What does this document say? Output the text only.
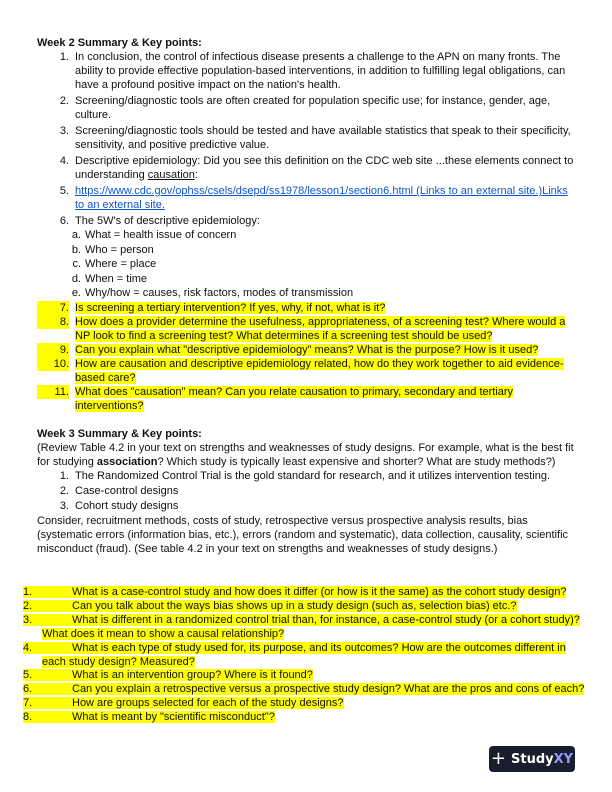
Week 2 Summary & Key points:
1. In conclusion, the control of infectious disease presents a challenge to the APN on many fronts. The ability to provide effective population-based interventions, in addition to fulfilling legal obligations, can have a profound positive impact on the nation's health.
2. Screening/diagnostic tools are often created for population specific use; for instance, gender, age, culture.
3. Screening/diagnostic tools should be tested and have available statistics that speak to their specificity, sensitivity, and positive predictive value.
4. Descriptive epidemiology: Did you see this definition on the CDC web site ...these elements connect to understanding causation:
5. https://www.cdc.gov/ophss/csels/dsepd/ss1978/lesson1/section6.html (Links to an external site.)Links to an external site.
6. The 5W's of descriptive epidemiology:
a. What = health issue of concern
b. Who = person
c. Where = place
d. When = time
e. Why/how = causes, risk factors, modes of transmission
7. Is screening a tertiary intervention? If yes, why, if not, what is it?
8. How does a provider determine the usefulness, appropriateness, of a screening test? Where would a NP look to find a screening test? What determines if a screening test should be used?
9. Can you explain what "descriptive epidemiology" means? What is the purpose? How is it used?
10. How are causation and descriptive epidemiology related, how do they work together to aid evidence-based care?
11. What does "causation" mean? Can you relate causation to primary, secondary and tertiary interventions?
Week 3 Summary & Key points:

(Review Table 4.2 in your text on strengths and weaknesses of study designs. For example, what is the best fit for studying association? Which study is typically least expensive and shorter? What are study methods?)

1. The Randomized Control Trial is the gold standard for research, and it utilizes intervention testing.
2. Case-control designs
3. Cohort study designs

Consider, recruitment methods, costs of study, retrospective versus prospective analysis results, bias (systematic errors (information bias, etc.), errors (random and systematic), data collection, causality, scientific misconduct (fraud). (See table 4.2 in your text on strengths and weaknesses of study designs.)

1.	What is a case-control study and how does it differ (or how is it the same) as the cohort study design?
2.	Can you talk about the ways bias shows up in a study design (such as, selection bias) etc.?
3.	What is different in a randomized control trial than, for instance, a case-control study (or a cohort study)? What does it mean to show a causal relationship?
4.	What is each type of study used for, its purpose, and its outcomes? How are the outcomes different in each study design? Measured?
5.	What is an intervention group? Where is it found?
6.	Can you explain a retrospective versus a prospective study design? What are the pros and cons of each?
7.	How are groups selected for each of the study designs?
8.	What is meant by "scientific misconduct"?
+ StudyXY
